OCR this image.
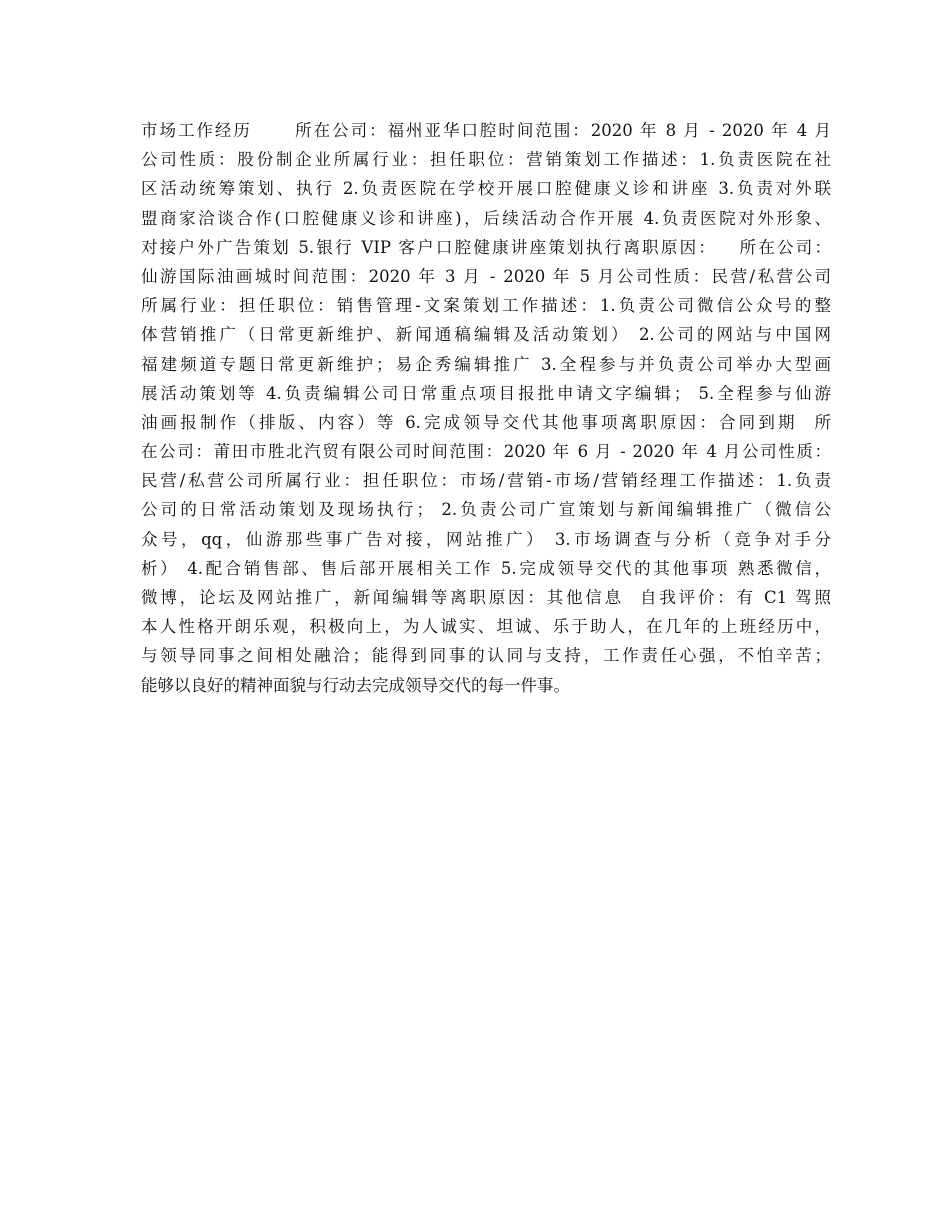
市场工作经历      所在公司：福州亚华口腔时间范围：2020 年 8 月 - 2020 年 4 月
公司性质：股份制企业所属行业：担任职位：营销策划工作描述：1.负责医院在社
区活动统筹策划、执行 2.负责医院在学校开展口腔健康义诊和讲座 3.负责对外联
盟商家洽谈合作(口腔健康义诊和讲座)，后续活动合作开展 4.负责医院对外形象、
对接户外广告策划 5.银行 VIP 客户口腔健康讲座策划执行离职原因：   所在公司：
仙游国际油画城时间范围：2020 年 3 月 - 2020 年 5 月公司性质：民营/私营公司
所属行业：担任职位：销售管理-文案策划工作描述：1.负责公司微信公众号的整
体营销推广（日常更新维护、新闻通稿编辑及活动策划） 2.公司的网站与中国网
福建频道专题日常更新维护；易企秀编辑推广 3.全程参与并负责公司举办大型画
展活动策划等 4.负责编辑公司日常重点项目报批申请文字编辑； 5.全程参与仙游
油画报制作（排版、内容）等 6.完成领导交代其他事项离职原因：合同到期  所
在公司：莆田市胜北汽贸有限公司时间范围：2020 年 6 月 - 2020 年 4 月公司性质：
民营/私营公司所属行业：担任职位：市场/营销-市场/营销经理工作描述：1.负责
公司的日常活动策划及现场执行； 2.负责公司广宣策划与新闻编辑推广（微信公
众号，qq，仙游那些事广告对接，网站推广） 3.市场调查与分析（竞争对手分
析） 4.配合销售部、售后部开展相关工作 5.完成领导交代的其他事项 熟悉微信，
微博，论坛及网站推广，新闻编辑等离职原因：其他信息  自我评价：有 C1 驾照
本人性格开朗乐观，积极向上，为人诚实、坦诚、乐于助人，在几年的上班经历中，
与领导同事之间相处融洽；能得到同事的认同与支持，工作责任心强，不怕辛苦；
能够以良好的精神面貌与行动去完成领导交代的每一件事。
